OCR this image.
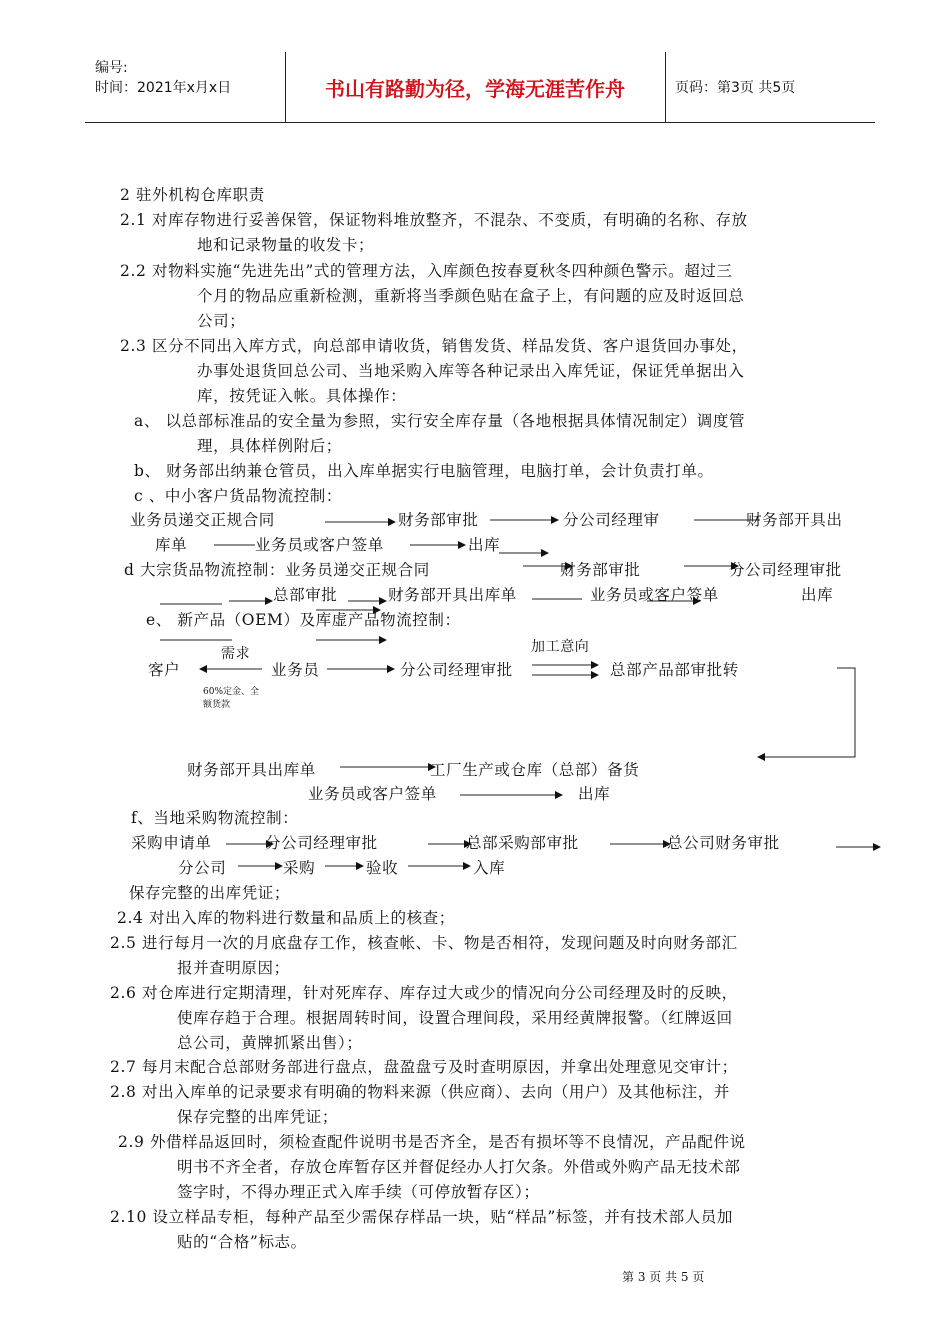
编号:
时间：2021年x月x日	书山有路勤为径，学海无涯苦作舟	页码：第3页 共5页
2 驻外机构仓库职责
2.1 对库存物进行妥善保管，保证物料堆放整齐，不混杂、不变质，有明确的名称、存放
地和记录物量的收发卡；
2.2 对物料实施“先进先出”式的管理方法，入库颜色按春夏秋冬四种颜色警示。超过三
个月的物品应重新检测，重新将当季颜色贴在盒子上，有问题的应及时返回总
公司；
2.3 区分不同出入库方式，向总部申请收货，销售发货、样品发货、客户退货回办事处，
办事处退货回总公司、当地采购入库等各种记录出入库凭证，保证凭单据出入
库，按凭证入帐。具体操作：
a、 以总部标准品的安全量为参照，实行安全库存量（各地根据具体情况制定）调度管
理，具体样例附后；
b、 财务部出纳兼仓管员，出入库单据实行电脑管理，电脑打单，会计负责打单。
c 、中小客户货品物流控制：
业务员递交正规合同	财务部审批	分公司经理审	财务部开具出
库单	业务员或客户签单	出库
d 大宗货品物流控制：业务员递交正规合同	财务部审批	分公司经理审批
总部审批	财务部开具出库单	业务员或客户签单	出库
e、 新产品（OEM）及库虚产品物流控制：
需求	加工意向
客户	业务员	分公司经理审批	总部产品部审批转
60%定金、全
额货款
财务部开具出库单	工厂生产或仓库（总部）备货
业务员或客户签单	出库
f、当地采购物流控制：
采购申请单	分公司经理审批	总部采购部审批	总公司财务审批
分公司	采购	验收	入库
保存完整的出库凭证；
2.4 对出入库的物料进行数量和品质上的核查；
2.5 进行每月一次的月底盘存工作，核查帐、卡、物是否相符，发现问题及时向财务部汇
报并查明原因；
2.6 对仓库进行定期清理，针对死库存、库存过大或少的情况向分公司经理及时的反映，
使库存趋于合理。根据周转时间，设置合理间段，采用经黄牌报警。（红牌返回
总公司，黄牌抓紧出售）；
2.7 每月末配合总部财务部进行盘点，盘盈盘亏及时查明原因，并拿出处理意见交审计；
2.8 对出入库单的记录要求有明确的物料来源（供应商）、去向（用户）及其他标注，并
保存完整的出库凭证；
2.9 外借样品返回时，须检查配件说明书是否齐全，是否有损坏等不良情况，产品配件说
明书不齐全者，存放仓库暂存区并督促经办人打欠条。外借或外购产品无技术部
签字时，不得办理正式入库手续（可停放暂存区）；
2.10 设立样品专柜，每种产品至少需保存样品一块，贴“样品”标签，并有技术部人员加
贴的“合格”标志。
第 3 页 共 5 页
